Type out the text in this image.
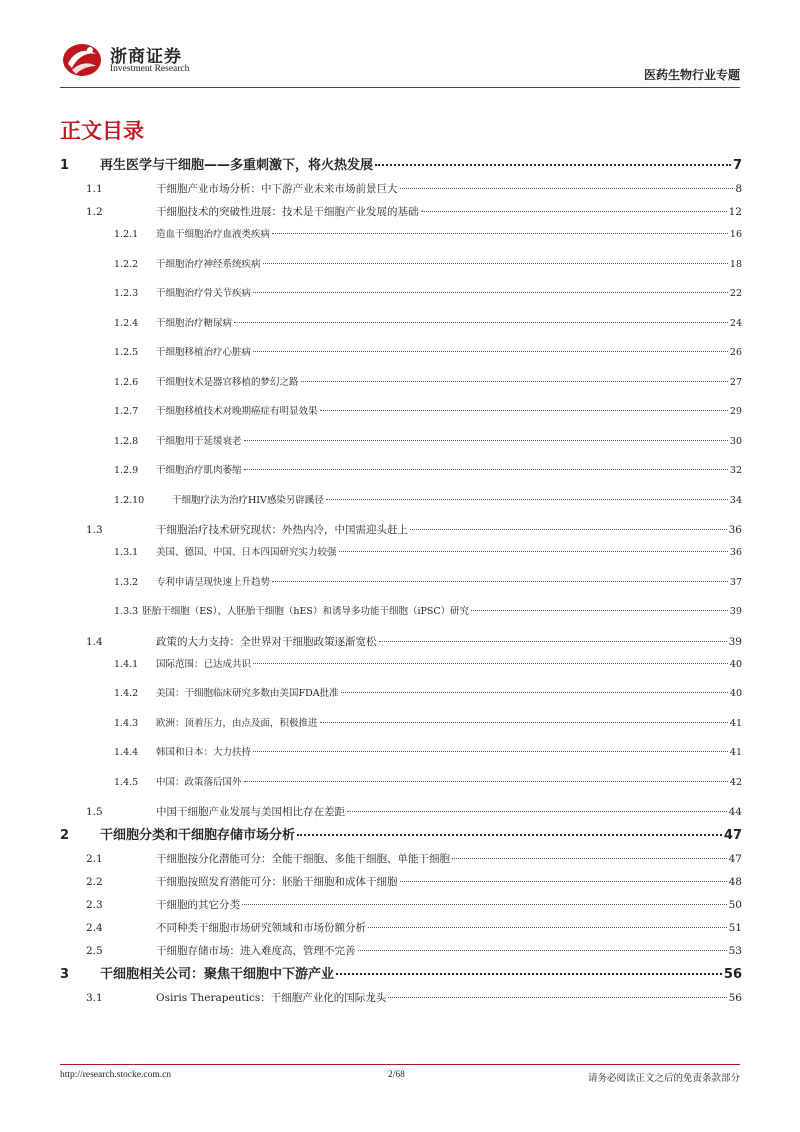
浙商证券
Investment Research	医药生物行业专题
正文目录
1	再生医学与干细胞——多重刺激下，将火热发展	7
1.1	干细胞产业市场分析：中下游产业未来市场前景巨大	8
1.2	干细胞技术的突破性进展：技术是干细胞产业发展的基础	12
1.2.1	造血干细胞治疗血液类疾病	16
1.2.2	干细胞治疗神经系统疾病	18
1.2.3	干细胞治疗骨关节疾病	22
1.2.4	干细胞治疗糖尿病	24
1.2.5	干细胞移植治疗心脏病	26
1.2.6	干细胞技术是器官移植的梦幻之路	27
1.2.7	干细胞移植技术对晚期癌症有明显效果	29
1.2.8	干细胞用于延缓衰老	30
1.2.9	干细胞治疗肌肉萎缩	32
1.2.10	干细胞疗法为治疗HIV感染另辟蹊径	34
1.3	干细胞治疗技术研究现状：外热内冷，中国需迎头赶上	36
1.3.1	美国、德国、中国、日本四国研究实力较强	36
1.3.2	专利申请呈现快速上升趋势	37
1.3.3 胚胎干细胞（ES）、人胚胎干细胞（hES）和诱导多功能干细胞（iPSC）研究	39
1.4	政策的大力支持：全世界对干细胞政策逐渐宽松	39
1.4.1	国际范围：已达成共识	40
1.4.2	美国：干细胞临床研究多数由美国FDA批准	40
1.4.3	欧洲：顶着压力，由点及面，积极推进	41
1.4.4	韩国和日本：大力扶持	41
1.4.5	中国：政策落后国外	42
1.5	中国干细胞产业发展与美国相比存在差距	44
2	干细胞分类和干细胞存储市场分析	47
2.1	干细胞按分化潜能可分：全能干细胞、多能干细胞、单能干细胞	47
2.2	干细胞按照发育潜能可分：胚胎干细胞和成体干细胞	48
2.3	干细胞的其它分类	50
2.4	不同种类干细胞市场研究领域和市场份额分析	51
2.5	干细胞存储市场：进入难度高，管理不完善	53
3	干细胞相关公司：聚焦干细胞中下游产业	56
3.1	Osiris Therapeutics：干细胞产业化的国际龙头	56
http://research.stocke.com.cn	2/68	请务必阅读正文之后的免责条款部分
